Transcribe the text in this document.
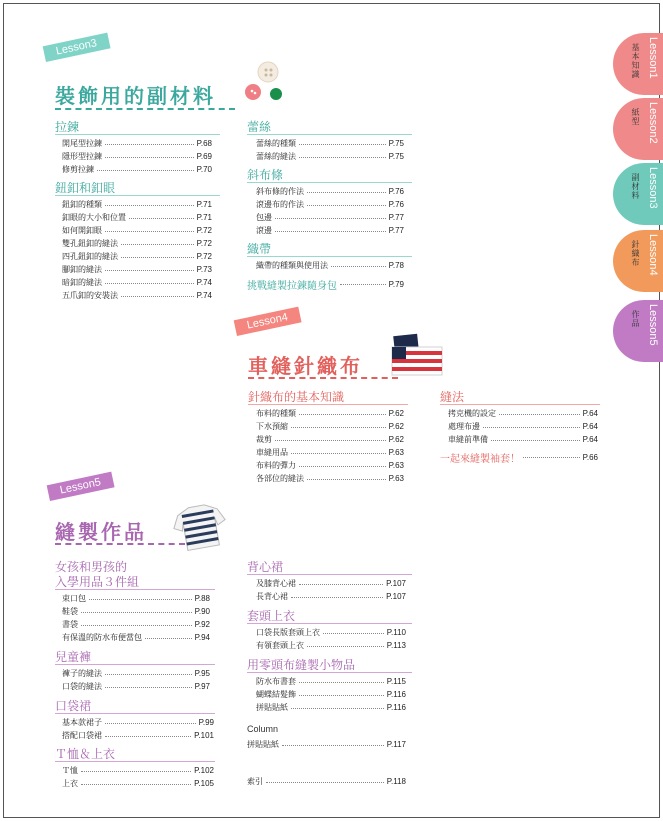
Lesson1
基本知識
Lesson2
紙型
Lesson3
副材料
Lesson4
針織布
Lesson5
作品
Lesson3
裝飾用的副材料
拉鍊
開尾型拉鍊	P.68
隱形型拉鍊	P.69
修剪拉鍊	P.70
鈕釦和釦眼
鈕釦的種類	P.71
釦眼的大小和位置	P.71
如何開釦眼	P.72
雙孔鈕釦的縫法	P.72
四孔鈕釦的縫法	P.72
腳釦的縫法	P.73
暗釦的縫法	P.74
五爪釦的安裝法	P.74
蕾絲
蕾絲的種類	P.75
蕾絲的縫法	P.75
斜布條
斜布條的作法	P.76
滾邊布的作法	P.76
包邊	P.77
滾邊	P.77
織帶
織帶的種類與使用法	P.78
挑戰縫製拉鍊隨身包	P.79
Lesson4
車縫針織布
針織布的基本知識
布料的種類	P.62
下水預縮	P.62
裁剪	P.62
車縫用品	P.63
布料的彈力	P.63
各部位的縫法	P.63
縫法
拷克機的設定	P.64
處理布邊	P.64
車縫前準備	P.64
一起來縫製袖套！	P.66
Lesson5
縫製作品
女孩和男孩的
入學用品３件組
束口包	P.88
鞋袋	P.90
書袋	P.92
有保溫的防水布便當包	P.94
兒童褲
褲子的縫法	P.95
口袋的縫法	P.97
口袋裙
基本款裙子	P.99
搭配口袋裙	P.101
Ｔ恤＆上衣
Ｔ恤	P.102
上衣	P.105
背心裙
及膝背心裙	P.107
長背心裙	P.107
套頭上衣
口袋長版套頭上衣	P.110
有領套頭上衣	P.113
用零頭布縫製小物品
防水布書套	P.115
蝴蝶結髮飾	P.116
拼貼貼紙	P.116
Column
拼貼貼紙	P.117
索引	P.118
